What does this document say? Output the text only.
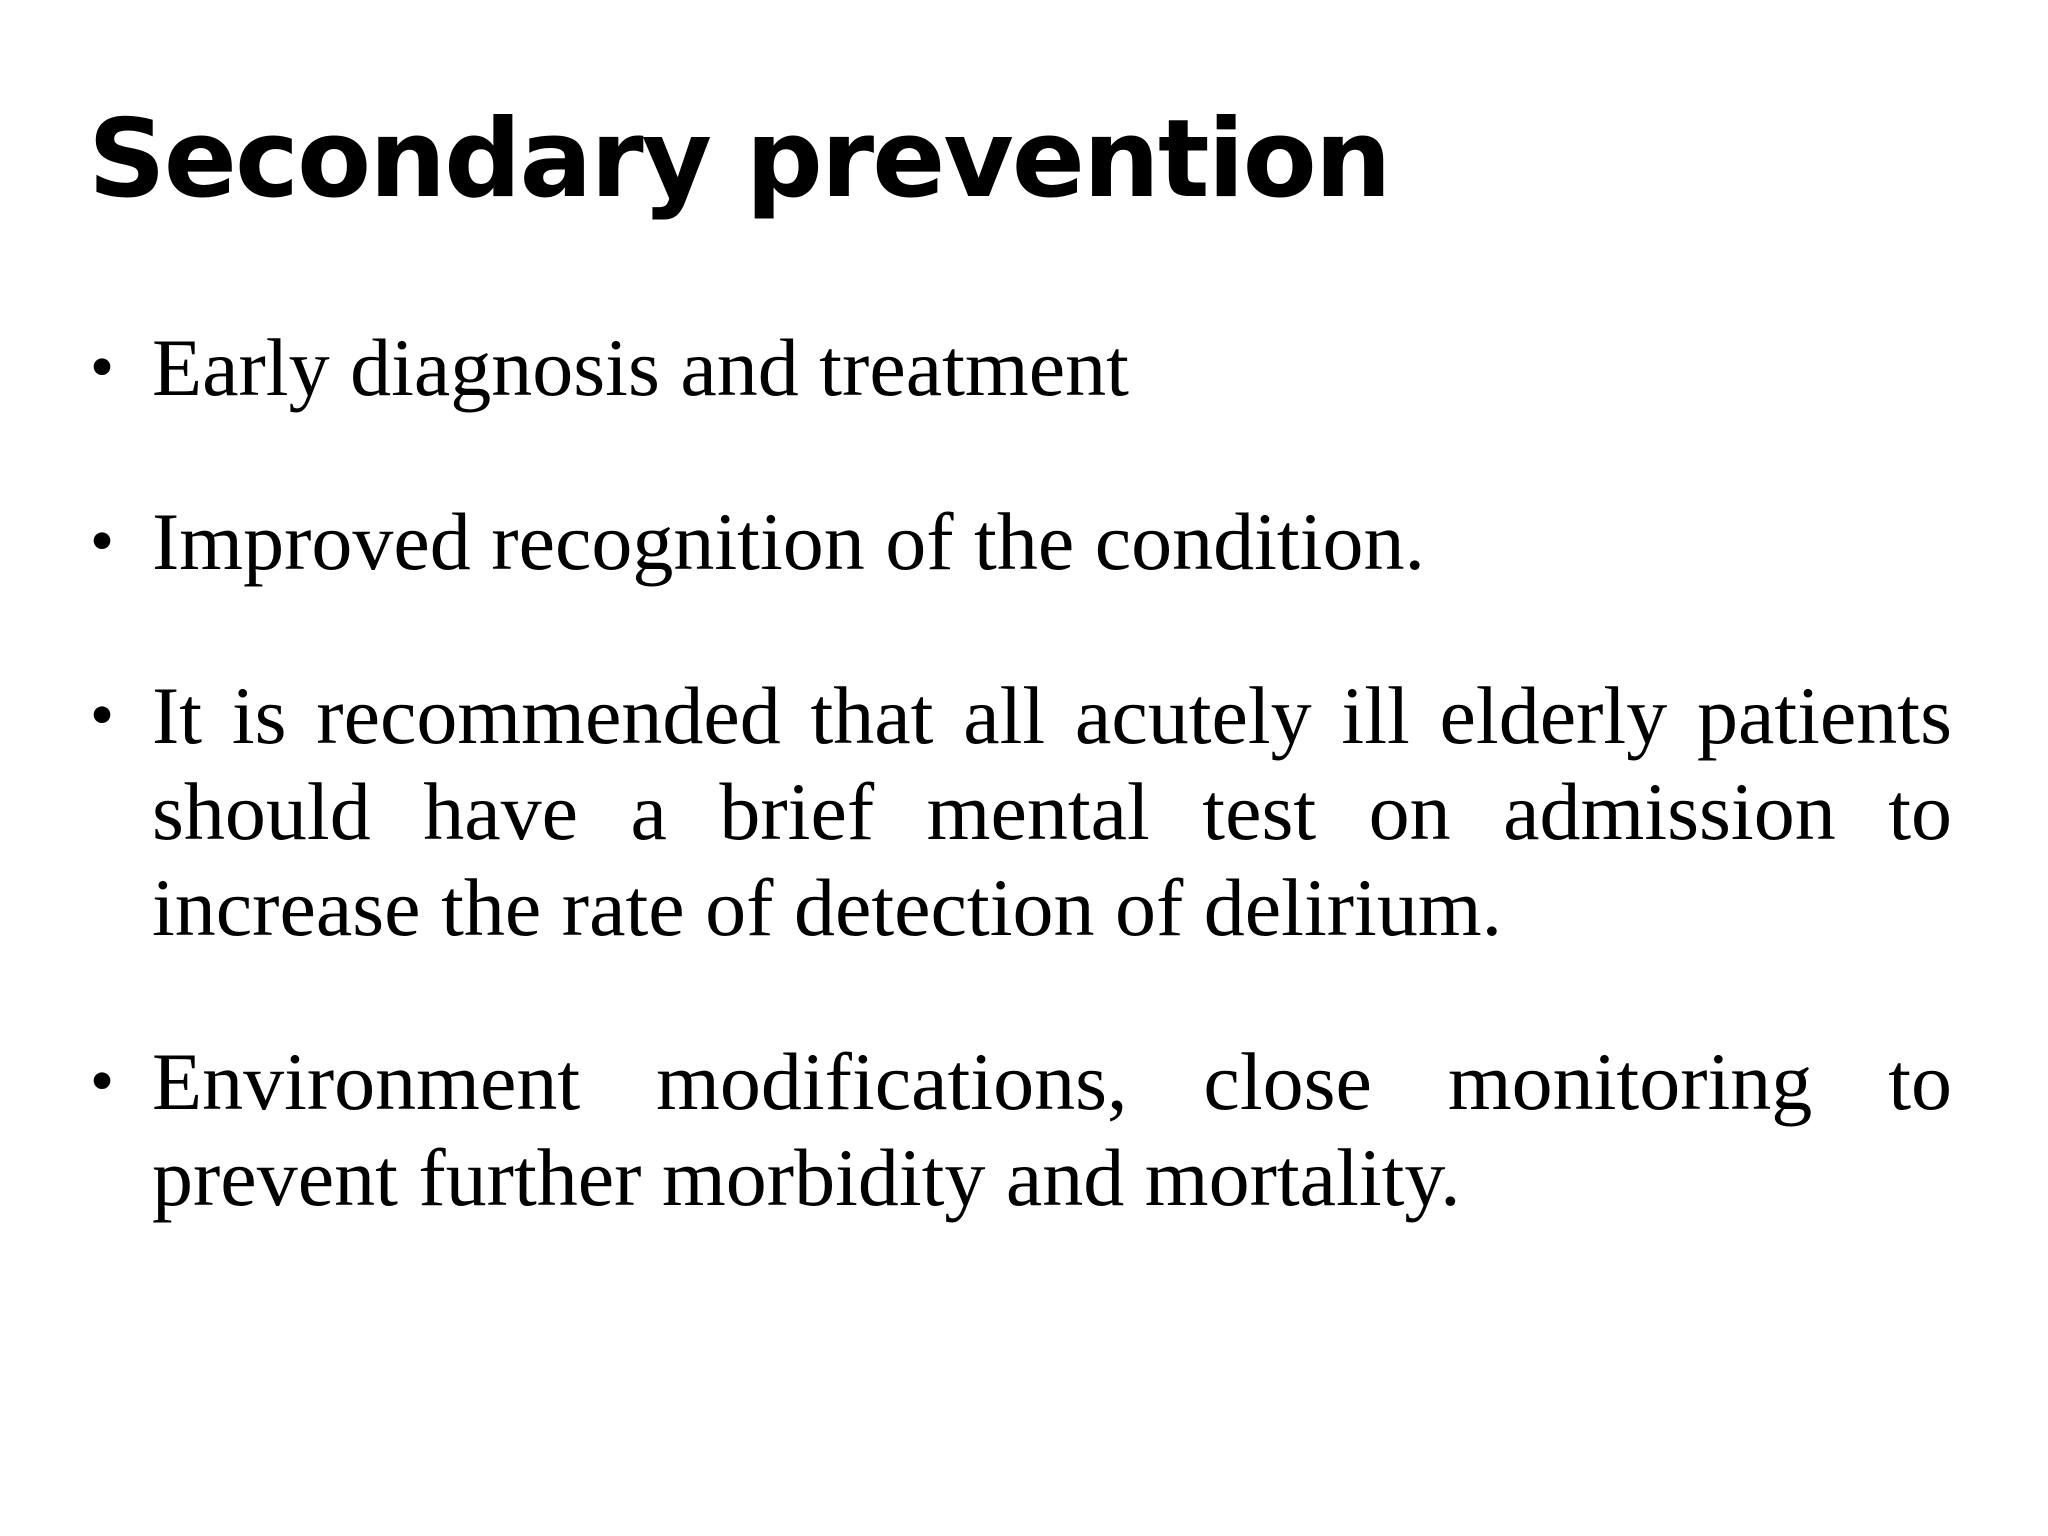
Secondary prevention
• Early diagnosis and treatment
• Improved recognition of the condition.
• It is recommended that all acutely ill elderly patients should have a brief mental test on admission to increase the rate of detection of delirium.
• Environment modifications, close monitoring to prevent further morbidity and mortality.
